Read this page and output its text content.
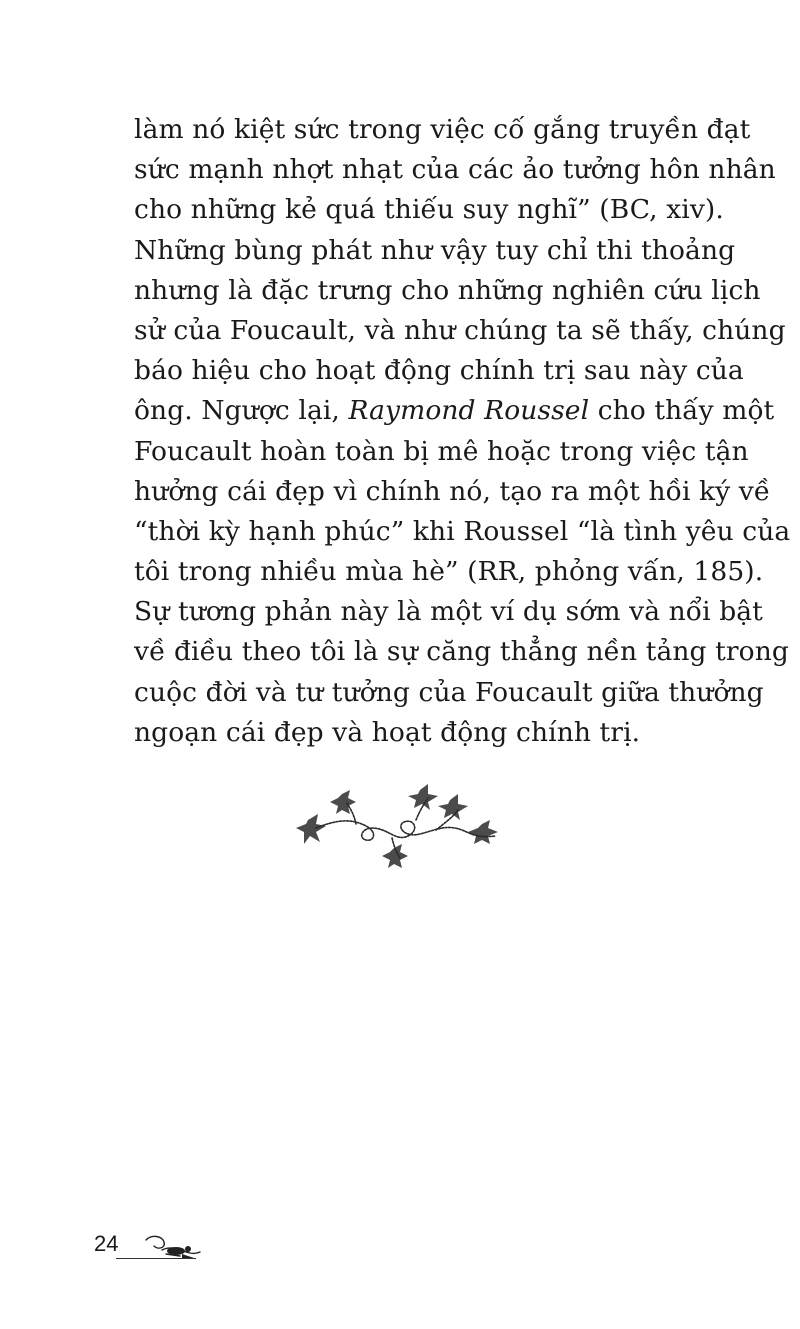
làm nó kiệt sức trong việc cố gắng truyền đạt
sức mạnh nhợt nhạt của các ảo tưởng hôn nhân
cho những kẻ quá thiếu suy nghĩ” (BC, xiv).
Những bùng phát như vậy tuy chỉ thi thoảng
nhưng là đặc trưng cho những nghiên cứu lịch
sử của Foucault, và như chúng ta sẽ thấy, chúng
báo hiệu cho hoạt động chính trị sau này của
ông. Ngược lại, Raymond Roussel cho thấy một
Foucault hoàn toàn bị mê hoặc trong việc tận
hưởng cái đẹp vì chính nó, tạo ra một hồi ký về
“thời kỳ hạnh phúc” khi Roussel “là tình yêu của
tôi trong nhiều mùa hè” (RR, phỏng vấn, 185).
Sự tương phản này là một ví dụ sớm và nổi bật
về điều theo tôi là sự căng thẳng nền tảng trong
cuộc đời và tư tưởng của Foucault giữa thưởng
ngoạn cái đẹp và hoạt động chính trị.
24
